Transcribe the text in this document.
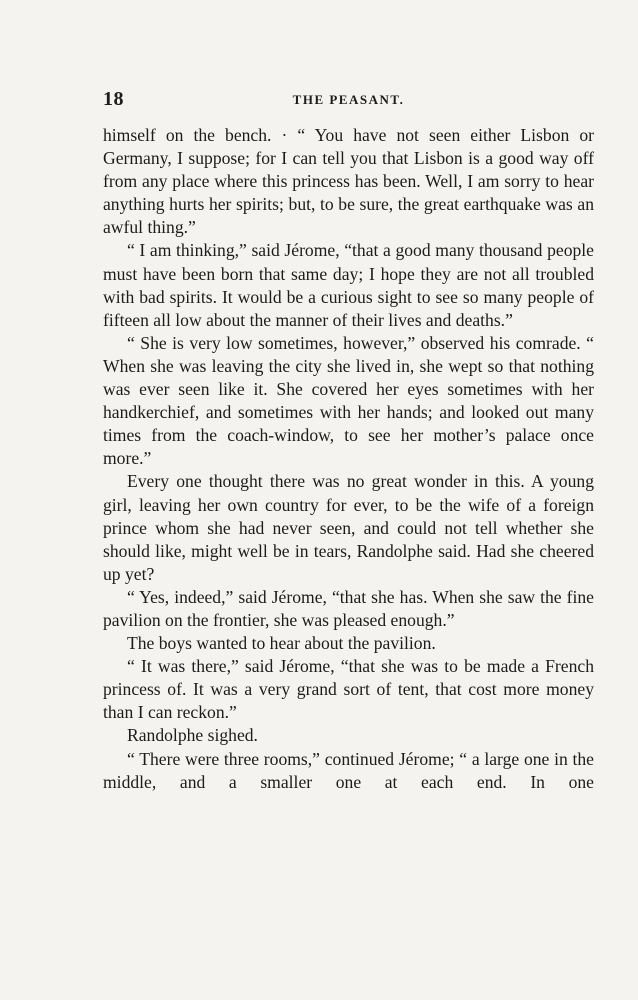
18	THE PEASANT.

himself on the bench. · “ You have not seen either Lisbon or Germany, I suppose; for I can tell you that Lisbon is a good way off from any place where this princess has been. Well, I am sorry to hear anything hurts her spirits; but, to be sure, the great earthquake was an awful thing.”

“ I am thinking,” said Jérome, “that a good many thousand people must have been born that same day; I hope they are not all troubled with bad spirits. It would be a curious sight to see so many people of fifteen all low about the manner of their lives and deaths.”

“ She is very low sometimes, however,” observed his comrade. “ When she was leaving the city she lived in, she wept so that nothing was ever seen like it. She covered her eyes sometimes with her handkerchief, and sometimes with her hands; and looked out many times from the coach-window, to see her mother’s palace once more.”

Every one thought there was no great wonder in this. A young girl, leaving her own country for ever, to be the wife of a foreign prince whom she had never seen, and could not tell whether she should like, might well be in tears, Randolphe said. Had she cheered up yet?

“ Yes, indeed,” said Jérome, “that she has. When she saw the fine pavilion on the frontier, she was pleased enough.”

The boys wanted to hear about the pavilion.

“ It was there,” said Jérome, “that she was to be made a French princess of. It was a very grand sort of tent, that cost more money than I can reckon.”

Randolphe sighed.

“ There were three rooms,” continued Jérome; “ a large one in the middle, and a smaller one at each end. In one
